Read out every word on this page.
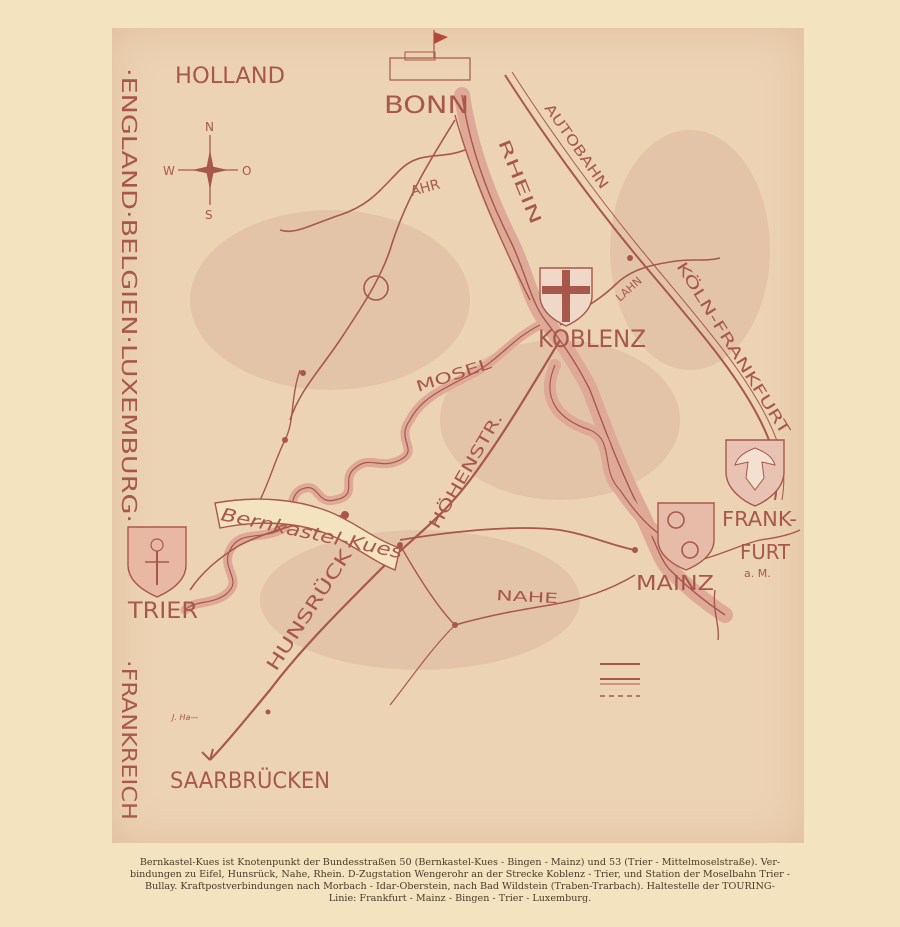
HOLLAND
·ENGLAND·BELGIEN·LUXEMBURG·
·FRANKREICH
N
S
W	O
BONN
AHR	RHEIN AUTOBAHN
KÖLN-FRANKFURT
LAHN
KOBLENZ
MOSEL
HÖHENSTR.
HUNSRÜCK
Bernkastel-Kues
TRIER
NAHE
MAINZ
FRANK-
FURT
a. M.
SAARBRÜCKEN
J. Ha—
Bernkastel-Kues ist Knotenpunkt der Bundesstraßen 50 (Bernkastel-Kues - Bingen - Mainz) und 53 (Trier - Mittelmoselstraße). Ver-
bindungen zu Eifel, Hunsrück, Nahe, Rhein. D-Zugstation Wengerohr an der Strecke Koblenz - Trier, und Station der Moselbahn Trier -
Bullay. Kraftpostverbindungen nach Morbach - Idar-Oberstein, nach Bad Wildstein (Traben-Trarbach). Haltestelle der TOURING-
Linie: Frankfurt - Mainz - Bingen - Trier - Luxemburg.
